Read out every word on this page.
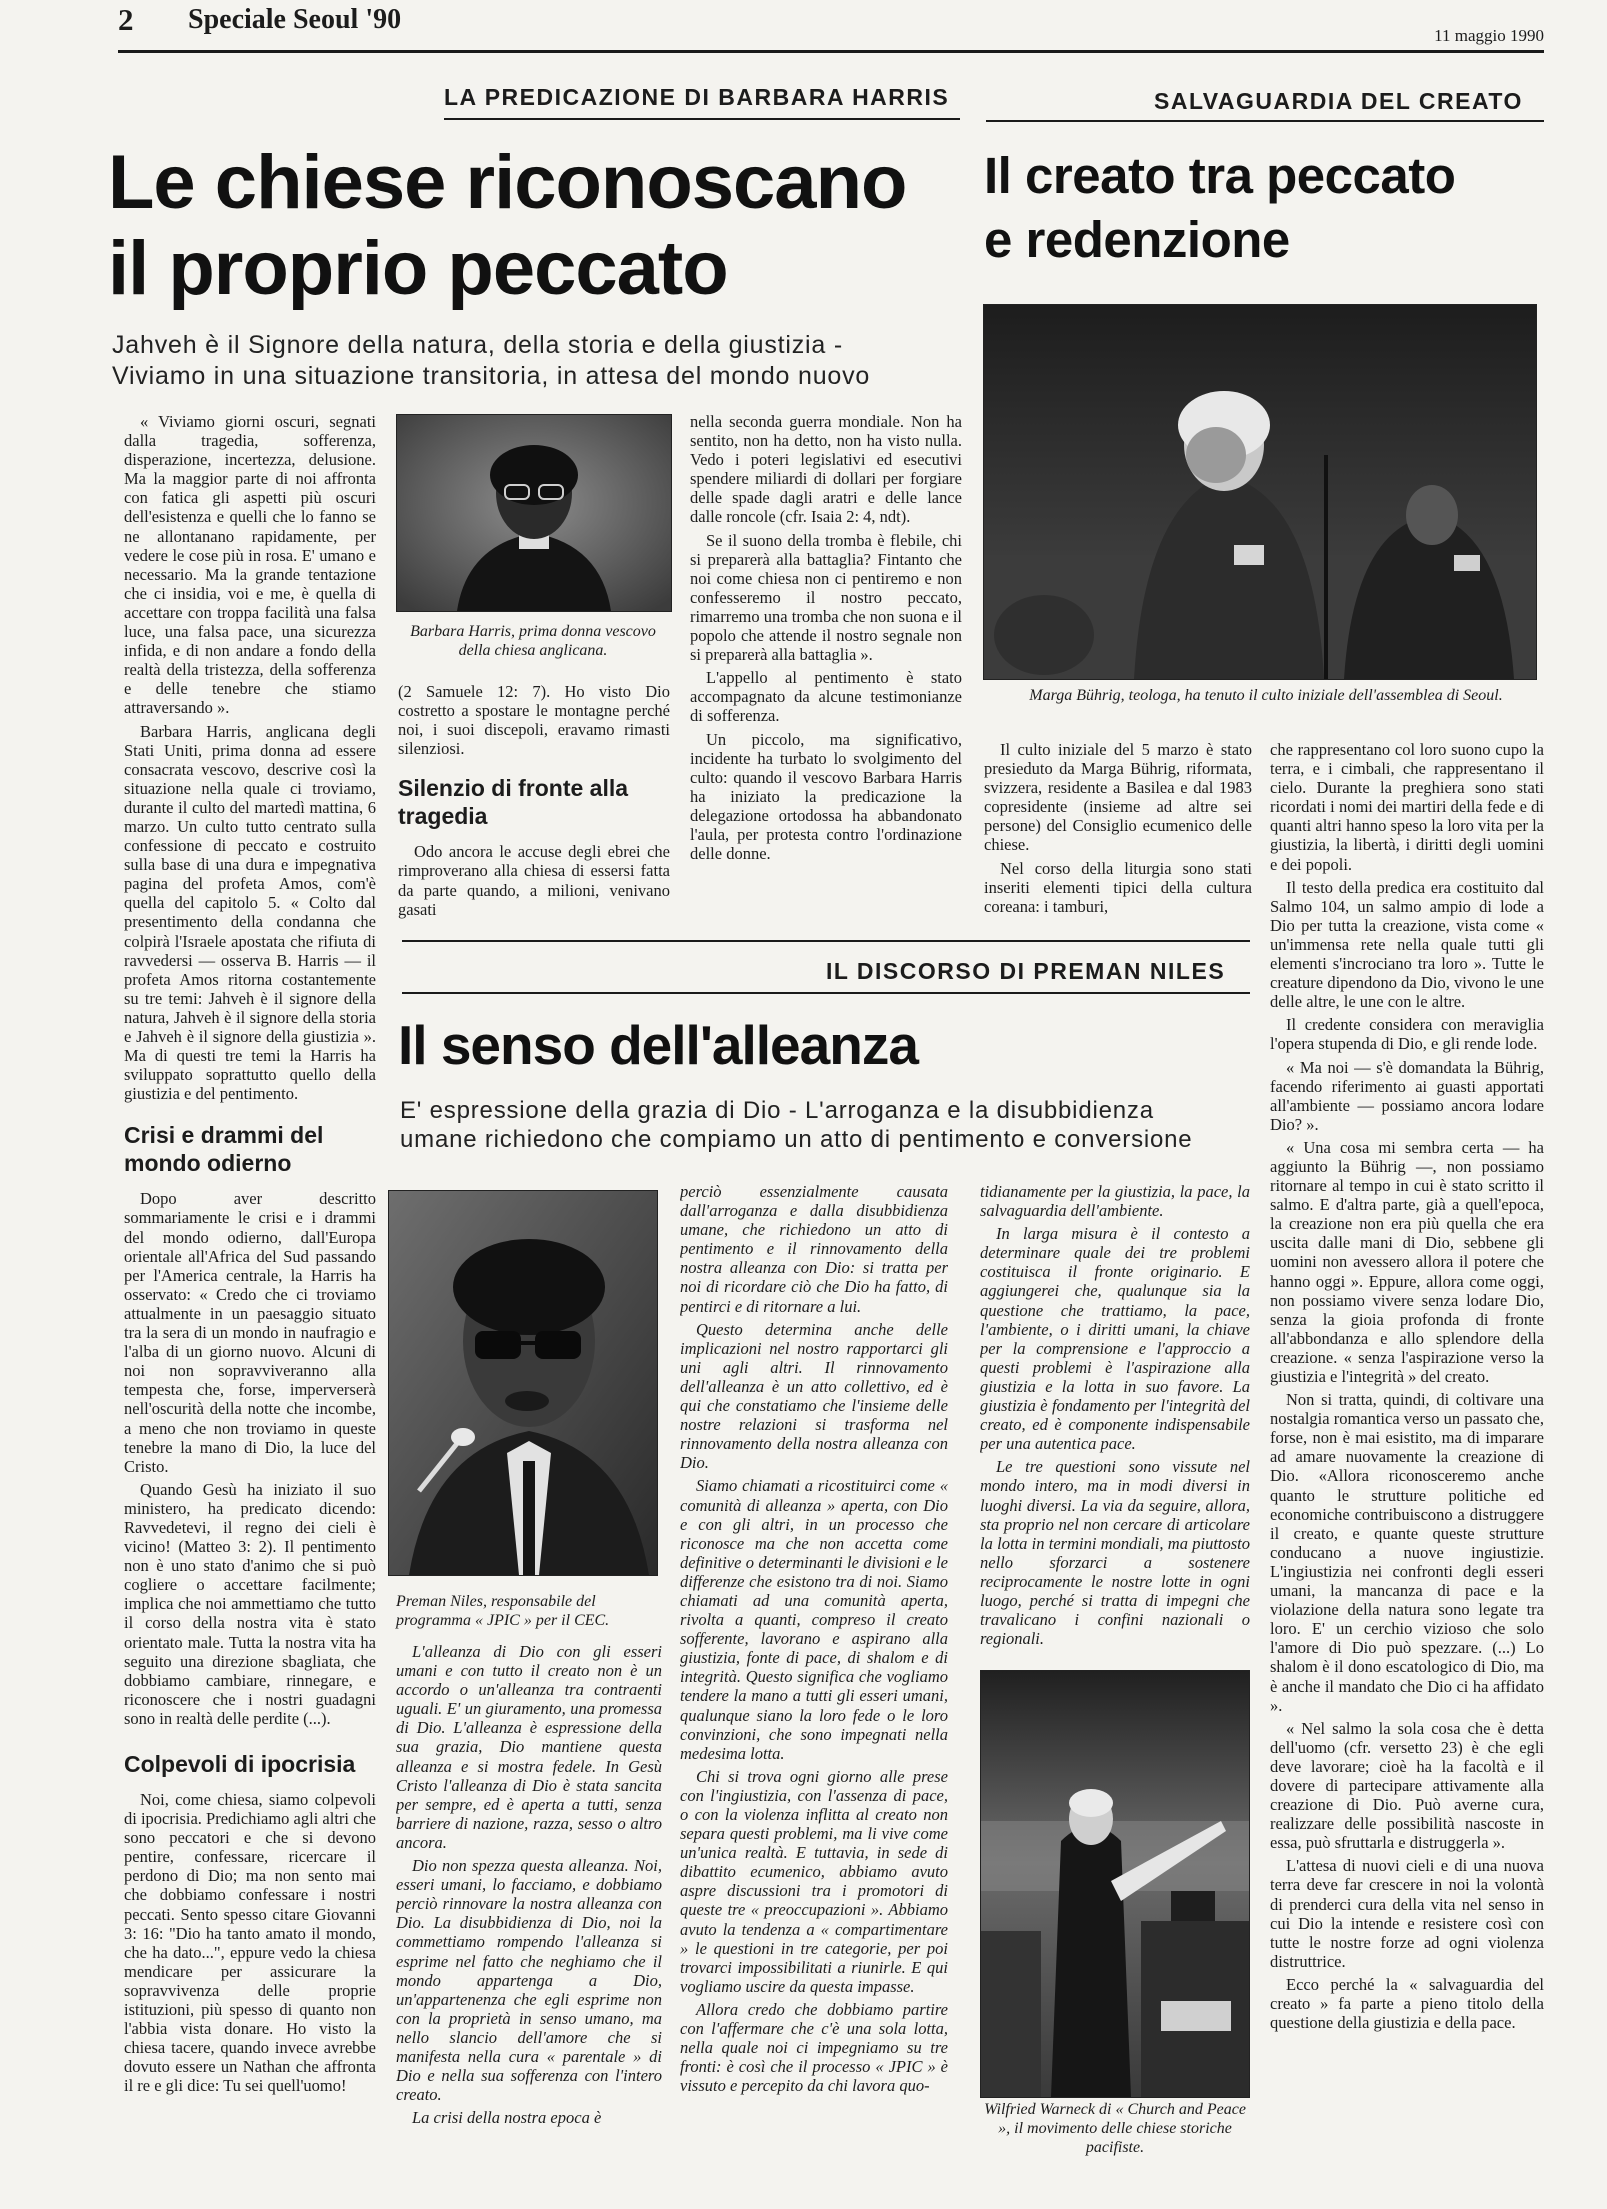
2 Speciale Seoul '90
11 maggio 1990
LA PREDICAZIONE DI BARBARA HARRIS
Le chiese riconoscano
il proprio peccato
Jahveh è il Signore della natura, della storia e della giustizia -
Viviamo in una situazione transitoria, in attesa del mondo nuovo

« Viviamo giorni oscuri, segnati dalla tragedia, sofferenza, disperazione, incertezza, delusione. Ma la maggior parte di noi affronta con fatica gli aspetti più oscuri dell'esistenza e quelli che lo fanno se ne allontanano rapidamente, per vedere le cose più in rosa. E' umano e necessario. Ma la grande tentazione che ci insidia, voi e me, è quella di accettare con troppa facilità una falsa luce, una falsa pace, una sicurezza infida, e di non andare a fondo della realtà della tristezza, della sofferenza e delle tenebre che stiamo attraversando ».

Barbara Harris, anglicana degli Stati Uniti, prima donna ad essere consacrata vescovo, descrive così la situazione nella quale ci troviamo, durante il culto del martedì mattina, 6 marzo. Un culto tutto centrato sulla confessione di peccato e costruito sulla base di una dura e impegnativa pagina del profeta Amos, com'è quella del capitolo 5. « Colto dal presentimento della condanna che colpirà l'Israele apostata che rifiuta di ravvedersi — osserva B. Harris — il profeta Amos ritorna costantemente su tre temi: Jahveh è il signore della natura, Jahveh è il signore della storia e Jahveh è il signore della giustizia ». Ma di questi tre temi la Harris ha sviluppato soprattutto quello della giustizia e del pentimento.

Crisi e drammi del mondo odierno

Dopo aver descritto sommariamente le crisi e i drammi del mondo odierno, dall'Europa orientale all'Africa del Sud passando per l'America centrale, la Harris ha osservato: « Credo che ci troviamo attualmente in un paesaggio situato tra la sera di un mondo in naufragio e l'alba di un giorno nuovo. Alcuni di noi non sopravviveranno alla tempesta che, forse, imperverserà nell'oscurità della notte che incombe, a meno che non troviamo in queste tenebre la mano di Dio, la luce del Cristo.

Quando Gesù ha iniziato il suo ministero, ha predicato dicendo: Ravvedetevi, il regno dei cieli è vicino! (Matteo 3: 2). Il pentimento non è uno stato d'animo che si può cogliere o accettare facilmente; implica che noi ammettiamo che tutto il corso della nostra vita è stato orientato male. Tutta la nostra vita ha seguito una direzione sbagliata, che dobbiamo cambiare, rinnegare, e riconoscere che i nostri guadagni sono in realtà delle perdite (...).

Colpevoli di ipocrisia

Noi, come chiesa, siamo colpevoli di ipocrisia. Predichiamo agli altri che sono peccatori e che si devono pentire, confessare, ricercare il perdono di Dio; ma non sento mai che dobbiamo confessare i nostri peccati. Sento spesso citare Giovanni 3: 16: "Dio ha tanto amato il mondo, che ha dato...", eppure vedo la chiesa mendicare per assicurare la sopravvivenza delle proprie istituzioni, più spesso di quanto non l'abbia vista donare. Ho visto la chiesa tacere, quando invece avrebbe dovuto essere un Nathan che affronta il re e gli dice: Tu sei quell'uomo!

Barbara Harris, prima donna vescovo della chiesa anglicana.

(2 Samuele 12: 7). Ho visto Dio costretto a spostare le montagne perché noi, i suoi discepoli, eravamo rimasti silenziosi.

Silenzio di fronte alla tragedia

Odo ancora le accuse degli ebrei che rimproverano alla chiesa di essersi fatta da parte quando, a milioni, venivano gasati

nella seconda guerra mondiale. Non ha sentito, non ha detto, non ha visto nulla. Vedo i poteri legislativi ed esecutivi spendere miliardi di dollari per forgiare delle spade dagli aratri e delle lance dalle roncole (cfr. Isaia 2: 4, ndt).

Se il suono della tromba è flebile, chi si preparerà alla battaglia? Fintanto che noi come chiesa non ci pentiremo e non confesseremo il nostro peccato, rimarremo una tromba che non suona e il popolo che attende il nostro segnale non si preparerà alla battaglia ».

L'appello al pentimento è stato accompagnato da alcune testimonianze di sofferenza.

Un piccolo, ma significativo, incidente ha turbato lo svolgimento del culto: quando il vescovo Barbara Harris ha iniziato la predicazione la delegazione ortodossa ha abbandonato l'aula, per protesta contro l'ordinazione delle donne.

SALVAGUARDIA DEL CREATO
Il creato tra peccato
e redenzione
Marga Bührig, teologa, ha tenuto il culto iniziale dell'assemblea di Seoul.

Il culto iniziale del 5 marzo è stato presieduto da Marga Bührig, riformata, svizzera, residente a Basilea e dal 1983 copresidente (insieme ad altre sei persone) del Consiglio ecumenico delle chiese.

Nel corso della liturgia sono stati inseriti elementi tipici della cultura coreana: i tamburi,

che rappresentano col loro suono cupo la terra, e i cimbali, che rappresentano il cielo. Durante la preghiera sono stati ricordati i nomi dei martiri della fede e di quanti altri hanno speso la loro vita per la giustizia, la libertà, i diritti degli uomini e dei popoli.

Il testo della predica era costituito dal Salmo 104, un salmo ampio di lode a Dio per tutta la creazione, vista come « un'immensa rete nella quale tutti gli elementi s'incrociano tra loro ». Tutte le creature dipendono da Dio, vivono le une delle altre, le une con le altre.

Il credente considera con meraviglia l'opera stupenda di Dio, e gli rende lode.

« Ma noi — s'è domandata la Bührig, facendo riferimento ai guasti apportati all'ambiente — possiamo ancora lodare Dio? ».

« Una cosa mi sembra certa — ha aggiunto la Bührig —, non possiamo ritornare al tempo in cui è stato scritto il salmo. E d'altra parte, già a quell'epoca, la creazione non era più quella che era uscita dalle mani di Dio, sebbene gli uomini non avessero allora il potere che hanno oggi ». Eppure, allora come oggi, non possiamo vivere senza lodare Dio, senza la gioia profonda di fronte all'abbondanza e allo splendore della creazione. « senza l'aspirazione verso la giustizia e l'integrità » del creato.

Non si tratta, quindi, di coltivare una nostalgia romantica verso un passato che, forse, non è mai esistito, ma di imparare ad amare nuovamente la creazione di Dio. «Allora riconosceremo anche quanto le strutture politiche ed economiche contribuiscono a distruggere il creato, e quante queste strutture conducano a nuove ingiustizie. L'ingiustizia nei confronti degli esseri umani, la mancanza di pace e la violazione della natura sono legate tra loro. E' un cerchio vizioso che solo l'amore di Dio può spezzare. (...) Lo shalom è il dono escatologico di Dio, ma è anche il mandato che Dio ci ha affidato ».

« Nel salmo la sola cosa che è detta dell'uomo (cfr. versetto 23) è che egli deve lavorare; cioè ha la facoltà e il dovere di partecipare attivamente alla creazione di Dio. Può averne cura, realizzare delle possibilità nascoste in essa, può sfruttarla e distruggerla ».

L'attesa di nuovi cieli e di una nuova terra deve far crescere in noi la volontà di prenderci cura della vita nel senso in cui Dio la intende e resistere così con tutte le nostre forze ad ogni violenza distruttrice.

Ecco perché la « salvaguardia del creato » fa parte a pieno titolo della questione della giustizia e della pace.

IL DISCORSO DI PREMAN NILES
Il senso dell'alleanza
E' espressione della grazia di Dio - L'arroganza e la disubbidienza
umane richiedono che compiamo un atto di pentimento e conversione
Preman Niles, responsabile del programma « JPIC » per il CEC.

L'alleanza di Dio con gli esseri umani e con tutto il creato non è un accordo o un'alleanza tra contraenti uguali. E' un giuramento, una promessa di Dio. L'alleanza è espressione della sua grazia, Dio mantiene questa alleanza e si mostra fedele. In Gesù Cristo l'alleanza di Dio è stata sancita per sempre, ed è aperta a tutti, senza barriere di nazione, razza, sesso o altro ancora.

Dio non spezza questa alleanza. Noi, esseri umani, lo facciamo, e dobbiamo perciò rinnovare la nostra alleanza con Dio. La disubbidienza di Dio, noi la commettiamo rompendo l'alleanza si esprime nel fatto che neghiamo che il mondo appartenga a Dio, un'appartenenza che egli esprime non con la proprietà in senso umano, ma nello slancio dell'amore che si manifesta nella cura « parentale » di Dio e nella sua sofferenza con l'intero creato.

La crisi della nostra epoca è

perciò essenzialmente causata dall'arroganza e dalla disubbidienza umane, che richiedono un atto di pentimento e il rinnovamento della nostra alleanza con Dio: si tratta per noi di ricordare ciò che Dio ha fatto, di pentirci e di ritornare a lui.

Questo determina anche delle implicazioni nel nostro rapportarci gli uni agli altri. Il rinnovamento dell'alleanza è un atto collettivo, ed è qui che constatiamo che l'insieme delle nostre relazioni si trasforma nel rinnovamento della nostra alleanza con Dio.

Siamo chiamati a ricostituirci come « comunità di alleanza » aperta, con Dio e con gli altri, in un processo che riconosce ma che non accetta come definitive o determinanti le divisioni e le differenze che esistono tra di noi. Siamo chiamati ad una comunità aperta, rivolta a quanti, compreso il creato sofferente, lavorano e aspirano alla giustizia, fonte di pace, di shalom e di integrità. Questo significa che vogliamo tendere la mano a tutti gli esseri umani, qualunque siano la loro fede o le loro convinzioni, che sono impegnati nella medesima lotta.

Chi si trova ogni giorno alle prese con l'ingiustizia, con l'assenza di pace, o con la violenza inflitta al creato non separa questi problemi, ma li vive come un'unica realtà. E tuttavia, in sede di dibattito ecumenico, abbiamo avuto aspre discussioni tra i promotori di queste tre « preoccupazioni ». Abbiamo avuto la tendenza a « compartimentare » le questioni in tre categorie, per poi trovarci impossibilitati a riunirle. E qui vogliamo uscire da questa impasse.

Allora credo che dobbiamo partire con l'affermare che c'è una sola lotta, nella quale noi ci impegniamo su tre fronti: è così che il processo « JPIC » è vissuto e percepito da chi lavora quo-

tidianamente per la giustizia, la pace, la salvaguardia dell'ambiente.

In larga misura è il contesto a determinare quale dei tre problemi costituisca il fronte originario. E aggiungerei che, qualunque sia la questione che trattiamo, la pace, l'ambiente, o i diritti umani, la chiave per la comprensione e l'approccio a questi problemi è l'aspirazione alla giustizia e la lotta in suo favore. La giustizia è fondamento per l'integrità del creato, ed è componente indispensabile per una autentica pace.

Le tre questioni sono vissute nel mondo intero, ma in modi diversi in luoghi diversi. La via da seguire, allora, sta proprio nel non cercare di articolare la lotta in termini mondiali, ma piuttosto nello sforzarci a sostenere reciprocamente le nostre lotte in ogni luogo, perché si tratta di impegni che travalicano i confini nazionali o regionali.

Wilfried Warneck di « Church and Peace », il movimento delle chiese storiche pacifiste.
